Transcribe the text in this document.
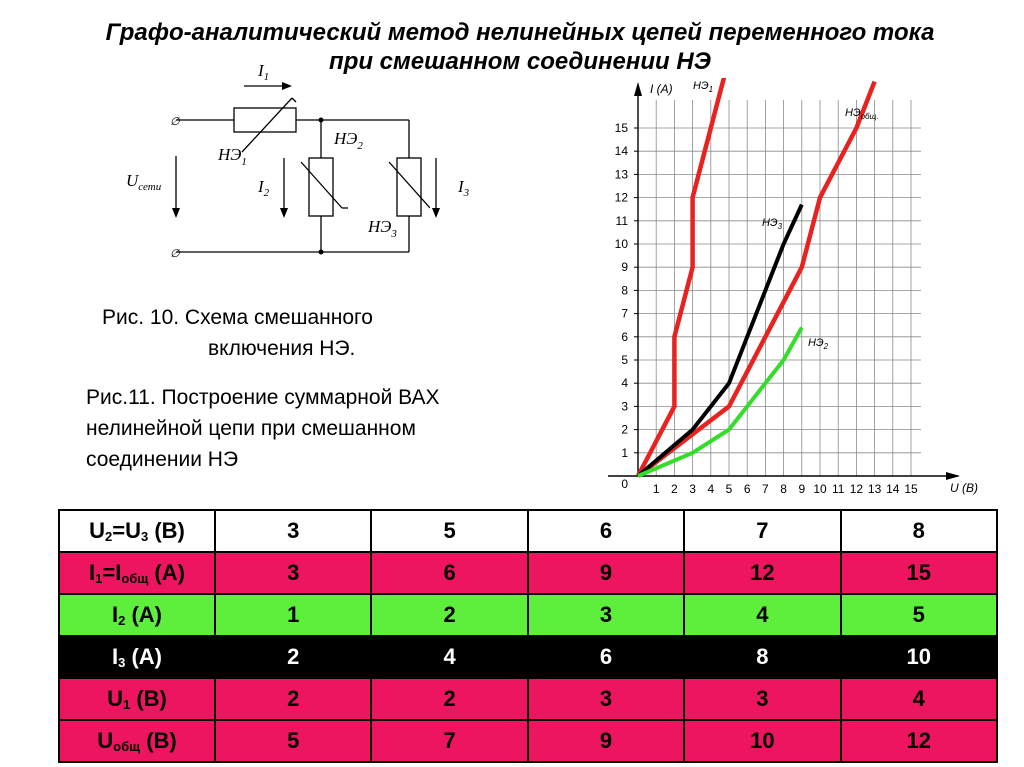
Графо-аналитический метод нелинейных цепей переменного тока
при смешанном соединении НЭ
∅
∅
$I_1$
$U_{сети}$
$НЭ_1$
$НЭ_2$
$НЭ_3$
$I_2$	$I_3$
Рис. 10. Схема смешанного
включения НЭ.
Рис.11. Построение суммарной ВАХ
нелинейной цепи при смешанном
соединении НЭ	1
2
3
4
5
6
7
8
9
10
11
12
13
14
15
1 2 3 4 5 6 7 8 9 10 11 12 13 14 15
0
I (A)
U (B)
$НЭ_1$
$НЭ_{общ.}$
$НЭ_3$
$НЭ_2$
$U_2=U_3$ (B)	3	5	6	7	8
$I_1=I_{общ}$ (A)	3	6	9	12	15
$I_2$ (A)	1	2	3	4	5
$I_3$ (A)	2	4	6	8	10
$U_1$ (B)	2	2	3	3	4
$U_{общ}$ (B)	5	7	9	10	12
